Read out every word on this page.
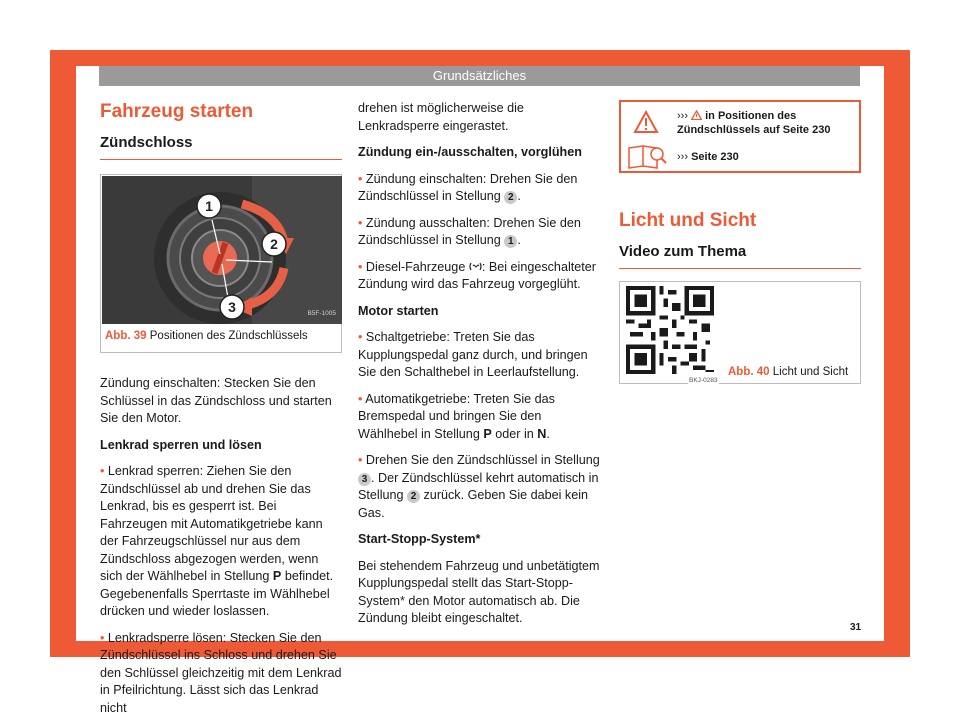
Grundsätzliches

Fahrzeug starten

Zündschloss

1
2
3	B5F-1005
Abb. 39 Positionen des Zündschlüssels

Zündung einschalten: Stecken Sie den Schlüssel in das Zündschloss und starten Sie den Motor.

Lenkrad sperren und lösen

• Lenkrad sperren: Ziehen Sie den Zündschlüssel ab und drehen Sie das Lenkrad, bis es gesperrt ist. Bei Fahrzeugen mit Automatikgetriebe kann der Fahrzeugschlüssel nur aus dem Zündschloss abgezogen werden, wenn sich der Wählhebel in Stellung P befindet. Gegebenenfalls Sperrtaste im Wählhebel drücken und wieder loslassen.

• Lenkradsperre lösen: Stecken Sie den Zündschlüssel ins Schloss und drehen Sie den Schlüssel gleichzeitig mit dem Lenkrad in Pfeilrichtung. Lässt sich das Lenkrad nicht

drehen ist möglicherweise die Lenkradsperre eingerastet.

Zündung ein-/ausschalten, vorglühen

• Zündung einschalten: Drehen Sie den Zündschlüssel in Stellung 2 .

• Zündung ausschalten: Drehen Sie den Zündschlüssel in Stellung 1 .

• Diesel-Fahrzeuge : Bei eingeschalteter Zündung wird das Fahrzeug vorgeglüht.

Motor starten

• Schaltgetriebe: Treten Sie das Kupplungspedal ganz durch, und bringen Sie den Schalthebel in Leerlaufstellung.

• Automatikgetriebe: Treten Sie das Bremspedal und bringen Sie den Wählhebel in Stellung P oder in N.

• Drehen Sie den Zündschlüssel in Stellung 3 . Der Zündschlüssel kehrt automatisch in Stellung 2 zurück. Geben Sie dabei kein Gas.

Start-Stopp-System*

Bei stehendem Fahrzeug und unbetätigtem Kupplungspedal stellt das Start-Stopp-System* den Motor automatisch ab. Die Zündung bleibt eingeschaltet.

››› in Positionen des Zündschlüssels auf Seite 230
››› Seite 230

Licht und Sicht

Video zum Thema

BKJ-0283
Abb. 40 Licht und Sicht
31
